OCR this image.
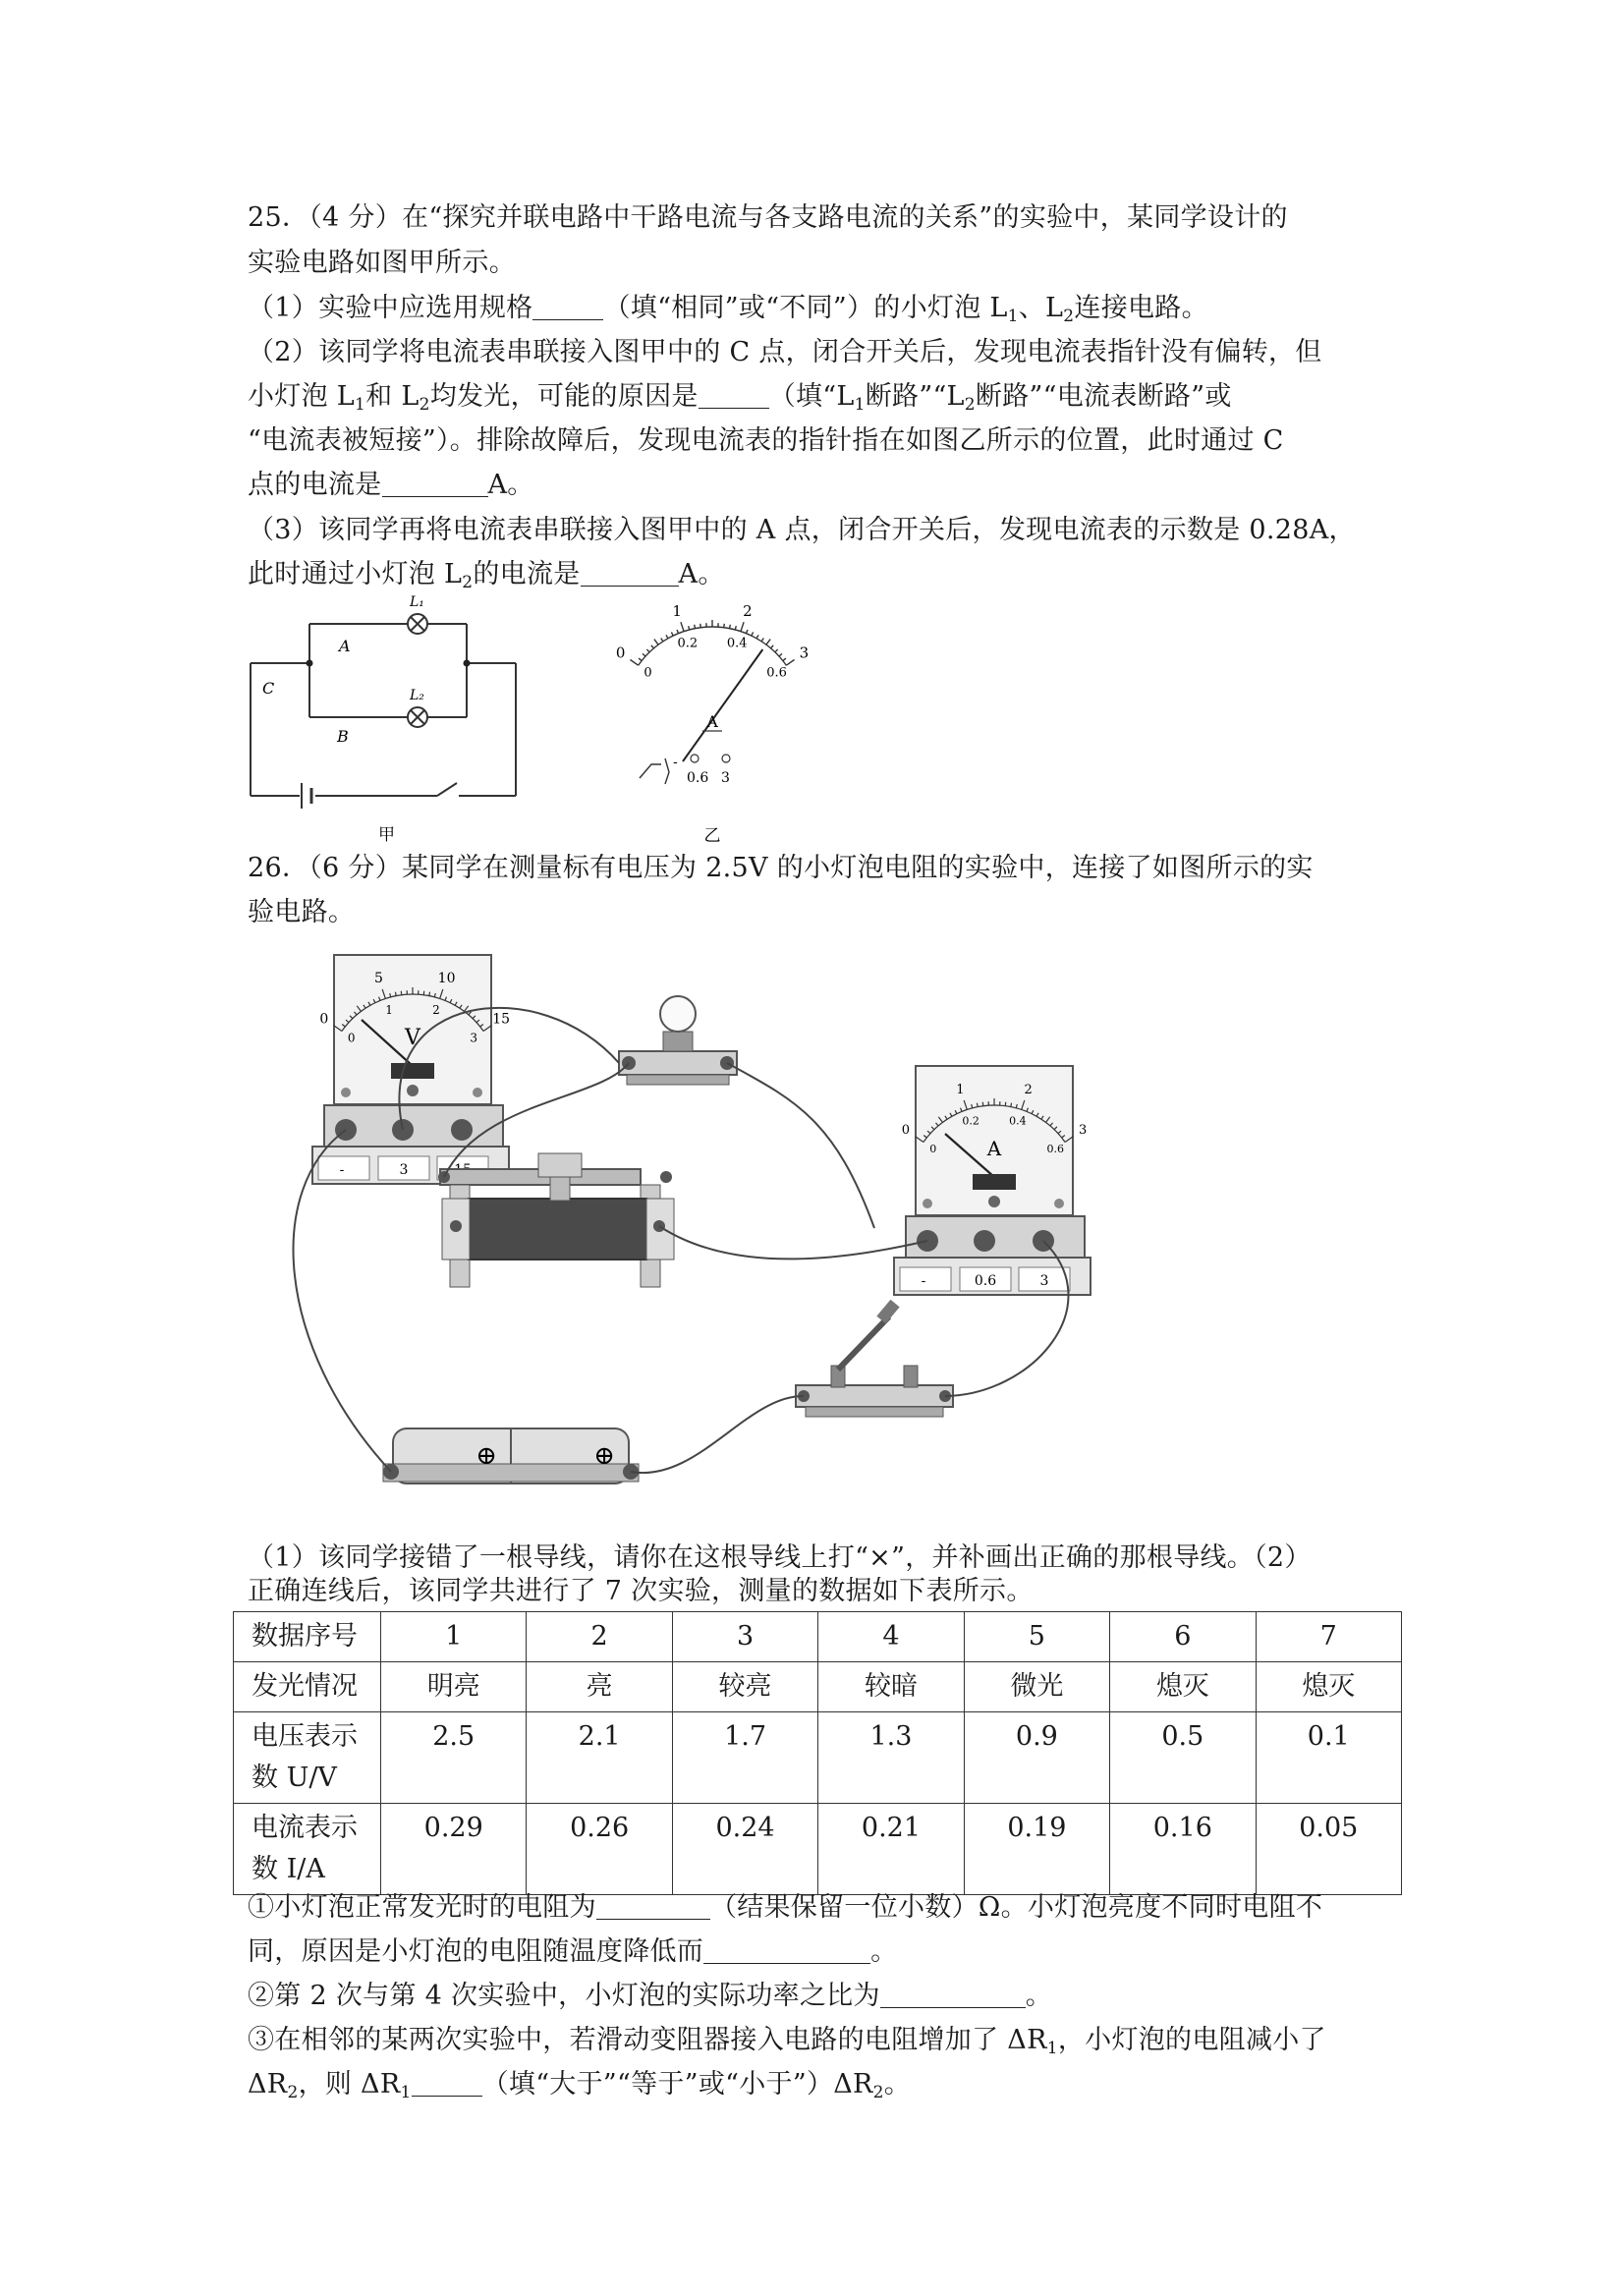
25．（4 分）在“探究并联电路中干路电流与各支路电流的关系”的实验中，某同学设计的
实验电路如图甲所示。
（1）实验中应选用规格	（填“相同”或“不同”）的小灯泡 $L_1$、$L_2$连接电路。
（2）该同学将电流表串联接入图甲中的 C 点，闭合开关后，发现电流表指针没有偏转，但
小灯泡 $L_1$和 $L_2$均发光，可能的原因是	（填“$L_1$断路$”“L_2$断路”“电流表断路”或
“电流表被短接”）。排除故障后，发现电流表的指针指在如图乙所示的位置，此时通过 C
点的电流是	A。
（3）该同学再将电流表串联接入图甲中的 A 点，闭合开关后，发现电流表的示数是 0.28A，
此时通过小灯泡 $L_2$的电流是	A。
L₁
L₂
A
B
C
甲
0
1	2
3
0
0.2 0.4
0.6
A
-
0.6 3
乙
26．（6 分）某同学在测量标有电压为 2.5V 的小灯泡电阻的实验中，连接了如图所示的实
验电路。
0
5	10
15
0
1	2
3
V
-	3
0
1	2
3
0
0.2	0.4
0.6
A
-	0.6	3
⊕	⊕
（1）该同学接错了一根导线，请你在这根导线上打“×”，并补画出正确的那根导线。（2）
正确连线后，该同学共进行了 7 次实验，测量的数据如下表所示。
数据序号	1	2	3	4	5	6	7

发光情况	明亮	亮	较亮	较暗	微光	熄灭	熄灭

电压表示
数 U/V	2.5	2.1	1.7	1.3	0.9	0.5	0.1

电流表示
数 I/A	0.29	0.26	0.24	0.21	0.19	0.16	0.05
①小灯泡正常发光时的电阻为	（结果保留一位小数）Ω。小灯泡亮度不同时电阻不
同，原因是小灯泡的电阻随温度降低而	。
②第 2 次与第 4 次实验中，小灯泡的实际功率之比为	。
③在相邻的某两次实验中，若滑动变阻器接入电路的电阻增加了 $\Delta R_1$，小灯泡的电阻减小了
$\Delta R_2$，则 $\Delta R_1$	（填“大于”“等于”或“小于$”)\Delta R_2$。
